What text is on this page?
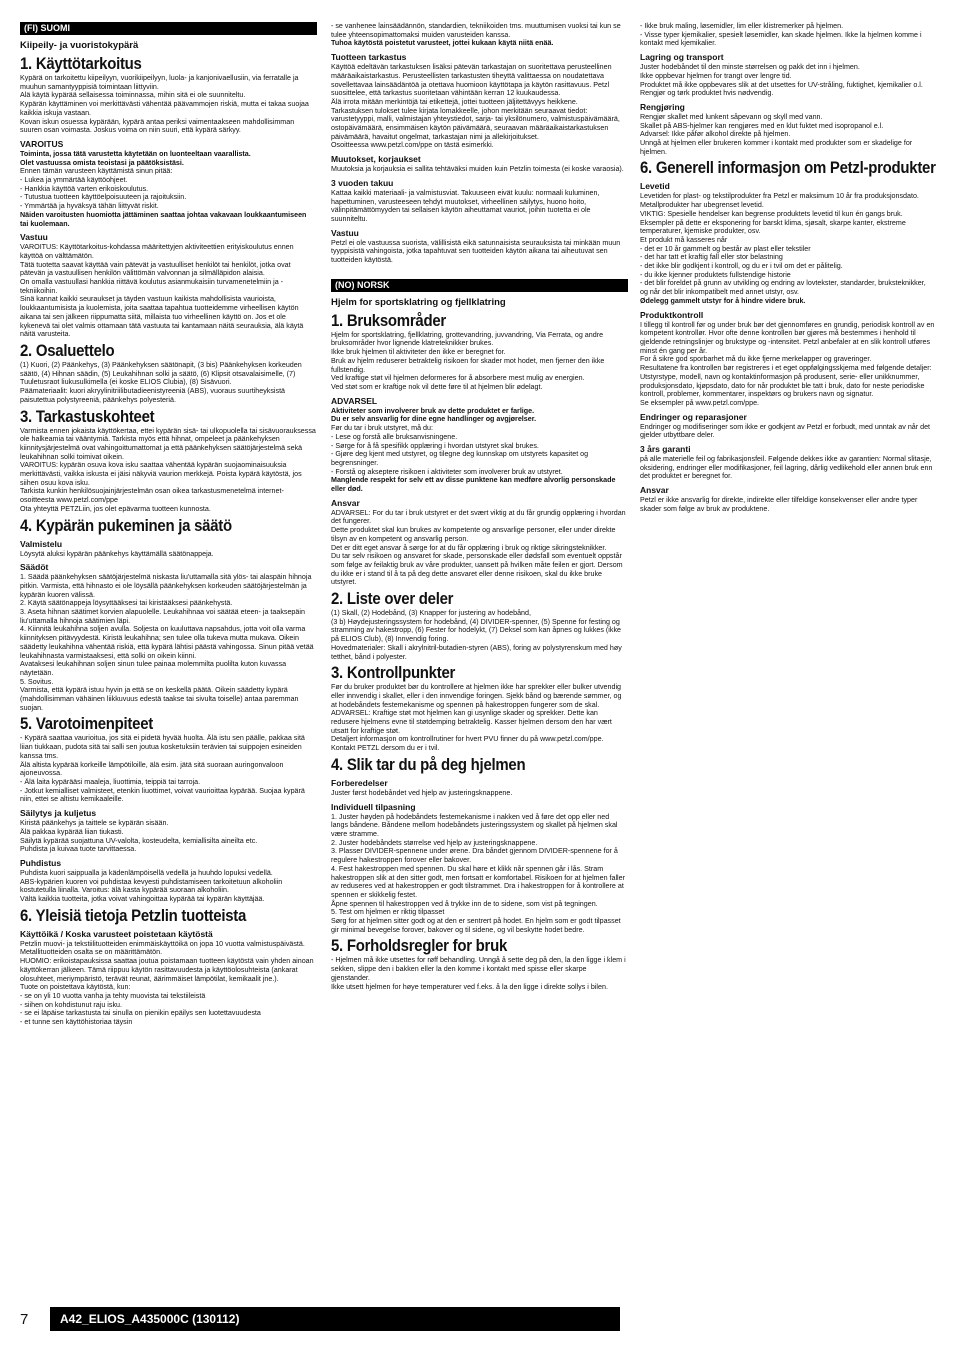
(FI) SUOMI
Kiipeily- ja vuoristokypärä
1. Käyttötarkoitus
Kypärä on tarkoitettu kiipeilyyn, vuorikiipeilyyn, luola- ja kanjonivaellusiin, via ferratalle ja muuhun samantyyppisiä toimintaan liittyviin.
Alä käytä kypärää sellaisessa toiminnassa, mihin sitä ei ole suunniteltu.
Kypärän käyttäminen voi merkittävästi vähentää päävammojen riskiä, mutta ei takaa suojaa kaikkia iskuja vastaan.
Kovan iskun osuessa kypärään, kypärä antaa periksi vaimentaakseen mahdollisimman suuren osan voimasta. Joskus voima on niin suuri, että kypärä särkyy.
VAROITUS
Toiminta, jossa tätä varustetta käytetään on luonteeltaan vaarallista.
Olet vastuussa omista teoistasi ja päätöksistäsi.
Ennen tämän varusteen käyttämistä sinun pitää:
- Lukea ja ymmärtää käyttöohjeet.
- Hankkia käyttöä varten erikoiskoulutus.
- Tutustua tuotteen käyttöelpoisuuteen ja rajoituksiin.
- Ymmärtää ja hyväksyä tähän liittyvät riskit.
Näiden varoitusten huomiotta jättäminen saattaa johtaa vakavaan loukkaantumiseen tai kuolemaan.
Vastuu
VAROITUS: Käyttötarkoitus-kohdassa määritettyjen aktiviteettien erityiskoulutus ennen käyttöä on välttämätön.
Tätä tuotetta saavat käyttää vain pätevät ja vastuulliset henkilöt tai henkilöt, jotka ovat pätevän ja vastuullisen henkilön välittömän valvonnan ja silmälläpidon alaisia.
On omalla vastuullasi hankkia riittävä koulutus asianmukaisiin turvamenetelmiin ja -tekniikoihin.
Sinä kannat kaikki seuraukset ja täyden vastuun kaikista mahdollisista vaurioista, loukkaantumisista ja kuolemista, joita saattaa tapahtua tuotteidemme virheellisen käytön aikana tai sen jälkeen riippumatta siitä, millaista tuo virheellinen käyttö on. Jos et ole kykenevä tai olet valmis ottamaan tätä vastuuta tai kantamaan näitä seurauksia, älä käytä näitä varusteita.
2. Osaluettelo
(1) Kuori, (2) Päänkehys, (3) Päänkehyksen säätönapit, (3 bis) Päänkehyksen korkeuden säätö, (4) Hihnan säädin, (5) Leukahihnan solki ja säätö, (6) Klipsit otsavalaisimelle, (7) Tuuletusraot liukusulkimella (ei koske ELIOS Clubia), (8) Sisävuori.
Päämateriaalit: kuori akryylinitriilibutadieenistyreeniä (ABS), vuoraus suurtiheyksistä paisutettua polystyreeniä, päänkehys polyesteriä.
3. Tarkastuskohteet
Varmista ennen jokaista käyttökertaa, ettei kypärän sisä- tai ulkopuolella tai sisävuorauksessa ole halkeamia tai vääntymiä. Tarkista myös että hihnat, ompeleet ja päänkehyksen kiinnitysjärjestelmä ovat vahingoittumattomat ja että päänkehyksen säätöjärjestelmä sekä leukahihnan solki toimivat oikein.
VAROITUS: kypärän osuva kova isku saattaa vähentää kypärän suojaominaisuuksia merkittävästi, vaikka iskusta ei jäisi näkyviä vaurion merkkejä. Poista kypärä käytöstä, jos siihen osuu kova isku.
Tarkista kunkin henkilösuojainjärjestelmän osan oikea tarkastusmenetelmä internet-osoitteesta www.petzl.com/ppe
Ota yhteyttä PETZLiin, jos olet epävarma tuotteen kunnosta.
4. Kypärän pukeminen ja säätö
Valmistelu
Löysytä aluksi kypärän päänkehys käyttämällä säätönappeja.
Säädöt
1. Säädä päänkehyksen säätöjärjestelmä niskasta liu'uttamalla sitä ylös- tai alaspäin hihnoja pitkin. Varmista, että hihnasto ei ole löysällä päänkehyksen korkeuden säätöjärjestelmän ja kypärän kuoren välissä.
2. Käytä säätönappeja löysyttääksesi tai kiristääksesi päänkehystä.
3. Aseta hihnan säätimet korvien alapuolelle. Leukahihnaa voi säätää eteen- ja taaksepäin liu'uttamalla hihnoja säätimien läpi.
4. Kiinnitä leukahihna soljen avulla. Soljesta on kuuluttava napsahdus, jotta voit olla varma kiinnityksen pitävyydestä. Kiristä leukahihna; sen tulee olla tukeva mutta mukava. Oikein säädetty leukahihna vähentää riskiä, että kypärä lähtisi päästä vahingossa. Sinun pitää vetää leukahihnasta varmistaaksesi, että solki on oikein kiinni.
Avataksesi leukahihnan soljen sinun tulee painaa molemmilta puolilta kuton kuvassa näytetään.
5. Sovitus.
Varmista, että kypärä istuu hyvin ja että se on keskellä päätä. Oikein säädetty kypärä (mahdollisimman vähäinen liikkuvuus edestä taakse tai sivulta toiselle) antaa paremman suojan.
5. Varotoimenpiteet
- Kypärä saattaa vaurioitua, jos sitä ei pidetä hyvää huolta. Älä istu sen päälle, pakkaa sitä liian tiukkaan, pudota sitä tai salli sen joutua kosketuksiin terävien tai suippojen esineiden kanssa tms.
Älä altista kypärää korkeille lämpötiloille, älä esim. jätä sitä suoraan auringonvaloon ajoneuvossa.
- Älä laita kypärääsi maaleja, liuottimia, teippiä tai tarroja.
- Jotkut kemialliset valmisteet, etenkin liuottimet, voivat vaurioittaa kypärää. Suojaa kypärä niin, ettei se altistu kemikaaleille.
Säilytys ja kuljetus
Kiristä päänkehys ja taittele se kypärän sisään.
Älä pakkaa kypärää liian tiukasti.
Säilytä kypärää suojattuna UV-valolta, kosteudelta, kemiallisilta aineilta etc.
Puhdista ja kuivaa tuote tarvittaessa.
Puhdistus
Puhdista kuori saippualla ja kädenlämpöisellä vedellä ja huuhdo lopuksi vedellä.
ABS-kypärien kuoren voi puhdistaa kevyesti puhdistamiseen tarkoitetuun alkoholiin kostutetulla liinalla. Varoitus: älä kasta kypärää suoraan alkoholiin.
Vältä kaikkia tuotteita, jotka voivat vahingoittaa kypärää tai kypärän käyttäjää.
6. Yleisiä tietoja Petzlin tuotteista
Käyttöikä / Koska varusteet poistetaan käytöstä
Petzlin muovi- ja tekstiilituotteiden enimmäiskäyttöikä on jopa 10 vuotta valmistuspäivästä. Metallituotteiden osalta se on määrittämätön.
HUOMIO: erikoistapauksissa saattaa joutua poistamaan tuotteen käytöstä vain yhden ainoan käyttökerran jälkeen. Tämä riippuu käytön rasittavuudesta ja käyttöolosuhteista (ankarat olosuhteet, meriympäristö, terävät reunat, äärimmäiset lämpötilat, kemikaalit jne.).
Tuote on poistettava käytöstä, kun:
- se on yli 10 vuotta vanha ja tehty muovista tai tekstiileistä
- siihen on kohdistunut raju isku.
- se ei läpäise tarkastusta tai sinulla on pienikin epäilys sen luotettavuudesta
- et tunne sen käyttöhistoriaa täysin
- se vanhenee lainsäädännön, standardien, tekniikoiden tms. muuttumisen vuoksi tai kun se tulee yhteensopimattomaksi muiden varusteiden kanssa.
Tuhoa käytöstä poistetut varusteet, jottei kukaan käytä niitä enää.
Tuotteen tarkastus
Käyttöä edeltävän tarkastuksen lisäksi pätevän tarkastajan on suoritettava perusteellinen määräaikaistarkastus. Perusteellisten tarkastusten tiheyttä valittaessa on noudatettava sovellettavaa lainsäädäntöä ja otettava huomioon käyttötapa ja käytön rasittavuus. Petzl suosittelee, että tarkastus suoritetaan vähintään kerran 12 kuukaudessa.
Älä irrota mitään merkintöjä tai etikettejä, jottei tuotteen jäljitettävyys heikkene.
Tarkastuksen tulokset tulee kirjata lomakkeelle, johon merkitään seuraavat tiedot: varustetyyppi, malli, valmistajan yhteystiedot, sarja- tai yksilönumero, valmistuspäivämäärä, ostopäivämäärä, ensimmäisen käytön päivämäärä, seuraavan määräaikaistarkastuksen päivämäärä, havaitut ongelmat, tarkastajan nimi ja allekirjoitukset.
Osoitteessa www.petzl.com/ppe on tästä esimerkki.
Muutokset, korjaukset
Muutoksia ja korjauksia ei sallita tehtäväksi muiden kuin Petzlin toimesta (ei koske varaosia).
3 vuoden takuu
Kattaa kaikki materiaali- ja valmistusviat. Takuuseen eivät kuulu: normaali kuluminen, hapettuminen, varusteeseen tehdyt muutokset, virheellinen säilytys, huono hoito, välinpitämättömyyden tai sellaisen käytön aiheuttamat vauriot, joihin tuotetta ei ole suunniteltu.
Vastuu
Petzl ei ole vastuussa suorista, välillisistä eikä satunnaisista seurauksista tai minkään muun tyyppisistä vahingoista, jotka tapahtuvat sen tuotteiden käytön aikana tai aiheutuvat sen tuotteiden käytöstä.
(NO) NORSK
Hjelm for sportsklatring og fjellklatring
1. Bruksområder
Hjelm for sportsklatring, fjellklatring, grottevandring, juvvandring, Via Ferrata, og andre bruksområder hvor lignende klatreteknikker brukes.
Ikke bruk hjelmen til aktiviteter den ikke er beregnet for.
Bruk av hjelm reduserer betraktelig risikoen for skader mot hodet, men fjerner den ikke fullstendig.
Ved kraftige støt vil hjelmen deformeres for å absorbere mest mulig av energien.
Ved støt som er kraftige nok vil dette føre til at hjelmen blir ødelagt.
ADVARSEL
Aktiviteter som involverer bruk av dette produktet er farlige.
Du er selv ansvarlig for dine egne handlinger og avgjørelser.
Før du tar i bruk utstyret, må du:
- Lese og forstå alle bruksanvisningene.
- Sørge for å få spesifikk opplæring i hvordan utstyret skal brukes.
- Gjøre deg kjent med utstyret, og tilegne deg kunnskap om utstyrets kapasitet og begrensninger.
- Forstå og akseptere risikoen i aktiviteter som involverer bruk av utstyret.
Manglende respekt for selv ett av disse punktene kan medføre alvorlig personskade eller død.
Ansvar
ADVARSEL: For du tar i bruk utstyret er det svært viktig at du får grundig opplæring i hvordan det fungerer.
Dette produktet skal kun brukes av kompetente og ansvarlige personer, eller under direkte tilsyn av en kompetent og ansvarlig person.
Det er ditt eget ansvar å sørge for at du får opplæring i bruk og riktige sikringsteknikker.
Du tar selv risikoen og ansvaret for skade, personskade eller dødsfall som eventuelt oppstår som følge av feilaktig bruk av våre produkter, uansett på hvilken måte feilen er gjort. Dersom du ikke er i stand til å ta på deg dette ansvaret eller denne risikoen, skal du ikke bruke utstyret.
2. Liste over deler
(1) Skall, (2) Hodebånd, (3) Knapper for justering av hodebånd,
(3 b) Høydejusteringssystem for hodebånd, (4) DIVIDER-spenner, (5) Spenne for festing og stramming av hakestropp, (6) Fester for hodelykt, (7) Deksel som kan åpnes og lukkes (ikke på ELIOS Club), (8) Innvendig foring.
Hovedmaterialer: Skall i akrylnitril-butadien-styren (ABS), foring av polystyrenskum med høy tetthet, bånd i polyester.
3. Kontrollpunkter
Før du bruker produktet bør du kontrollere at hjelmen ikke har sprekker eller bulker utvendig eller innvendig i skallet, eller i den innvendige foringen. Sjekk bånd og bærende sømmer, og at hodebåndets festemekanisme og spennen på hakestroppen fungerer som de skal.
ADVARSEL: Kraftige støt mot hjelmen kan gi usynlige skader og sprekker. Dette kan redusere hjelmens evne til støtdemping betraktelig. Kasser hjelmen dersom den har vært utsatt for kraftige støt.
Detaljert informasjon om kontrollrutiner for hvert PVU finner du på www.petzl.com/ppe.
Kontakt PETZL dersom du er i tvil.
4. Slik tar du på deg hjelmen
Forberedelser
Juster først hodebåndet ved hjelp av justeringsknappene.
Individuell tilpasning
1. Juster høyden på hodebåndets festemekanisme i nakken ved å føre det opp eller ned langs båndene. Båndene mellom hodebåndets justeringssystem og skallet på hjelmen skal være stramme.
2. Juster hodebåndets størrelse ved hjelp av justeringsknappene.
3. Plasser DIVIDER-spennene under ørene. Dra båndet gjennom DIVIDER-spennene for å regulere hakestroppen forover eller bakover.
4. Fest hakestroppen med spennen. Du skal høre et klikk når spennen går i lås. Stram hakestroppen slik at den sitter godt, men fortsatt er komfortabel. Risikoen for at hjelmen faller av reduseres ved at hakestroppen er godt tilstrammet. Dra i hakestroppen for å kontrollere at spennen er skikkelig festet.
Åpne spennen til hakestroppen ved å trykke inn de to sidene, som vist på tegningen.
5. Test om hjelmen er riktig tilpasset
Sørg for at hjelmen sitter godt og at den er sentrert på hodet. En hjelm som er godt tilpasset gir minimal bevegelse forover, bakover og til sidene, og vil beskytte hodet bedre.
5. Forholdsregler for bruk
- Hjelmen må ikke utsettes for røff behandling. Unngå å sette deg på den, la den ligge i klem i sekken, slippe den i bakken eller la den komme i kontakt med spisse eller skarpe gjenstander.
Ikke utsett hjelmen for høye temperaturer ved f.eks. å la den ligge i direkte sollys i bilen.
- Ikke bruk maling, løsemidler, lim eller klistremerker på hjelmen.
- Visse typer kjemikalier, spesielt løsemidler, kan skade hjelmen. Ikke la hjelmen komme i kontakt med kjemikalier.
Lagring og transport
Juster hodebåndet til den minste størrelsen og pakk det inn i hjelmen.
Ikke oppbevar hjelmen for trangt over lengre tid.
Produktet må ikke oppbevares slik at det utsettes for UV-stråling, fuktighet, kjemikalier o.l. Rengjør og tørk produktet hvis nødvendig.
Rengjøring
Rengjør skallet med lunkent såpevann og skyll med vann.
Skallet på ABS-hjelmer kan rengjøres med en klut fuktet med isopropanol e.l.
Advarsel: Ikke påfør alkohol direkte på hjelmen.
Unngå at hjelmen eller brukeren kommer i kontakt med produkter som er skadelige for hjelmen.
6. Generell informasjon om Petzl-produkter
Levetid
Levetiden for plast- og tekstilprodukter fra Petzl er maksimum 10 år fra produksjonsdato. Metallprodukter har ubegrenset levetid.
VIKTIG: Spesielle hendelser kan begrense produktets levetid til kun én gangs bruk. Eksempler på dette er eksponering for barskt klima, sjøsalt, skarpe kanter, ekstreme temperaturer, kjemiske produkter, osv.
Et produkt må kasseres når
- det er 10 år gammelt og består av plast eller tekstiler
- det har tatt et kraftig fall eller stor belastning
- det ikke blir godkjent i kontroll, og du er i tvil om det er pålitelig.
- du ikke kjenner produktets fullstendige historie
- det blir foreldet på grunn av utvikling og endring av lovtekster, standarder, bruksteknikker, og når det blir inkompatibelt med annet utstyr, osv.
Ødelegg gammelt utstyr for å hindre videre bruk.
Produktkontroll
I tillegg til kontroll før og under bruk bør det gjennomføres en grundig, periodisk kontroll av en kompetent kontrollør. Hvor ofte denne kontrollen bør gjøres må bestemmes i henhold til gjeldende retningslinjer og brukstype og -intensitet. Petzl anbefaler at en slik kontroll utføres minst én gang per år.
For å sikre god sporbarhet må du ikke fjerne merkelapper og graveringer.
Resultatene fra kontrollen bør registreres i et eget oppfølgingsskjema med følgende detaljer: Utstyrstype, modell, navn og kontaktinformasjon på produsent, serie- eller unikknummer, produksjonsdato, kjøpsdato, dato for når produktet ble tatt i bruk, dato for neste periodiske kontroll, problemer, kommentarer, inspektørs og brukers navn og signatur.
Se eksempler på www.petzl.com/ppe.
Endringer og reparasjoner
Endringer og modifiseringer som ikke er godkjent av Petzl er forbudt, med unntak av når det gjelder utbyttbare deler.
3 års garanti
på alle materielle feil og fabrikasjonsfeil. Følgende dekkes ikke av garantien: Normal slitasje, oksidering, endringer eller modifikasjoner, feil lagring, dårlig vedlikehold eller annen bruk enn det produktet er beregnet for.
Ansvar
Petzl er ikke ansvarlig for direkte, indirekte eller tilfeldige konsekvenser eller andre typer skader som følge av bruk av produktene.
7	A42_ELIOS_A435000C (130112)
